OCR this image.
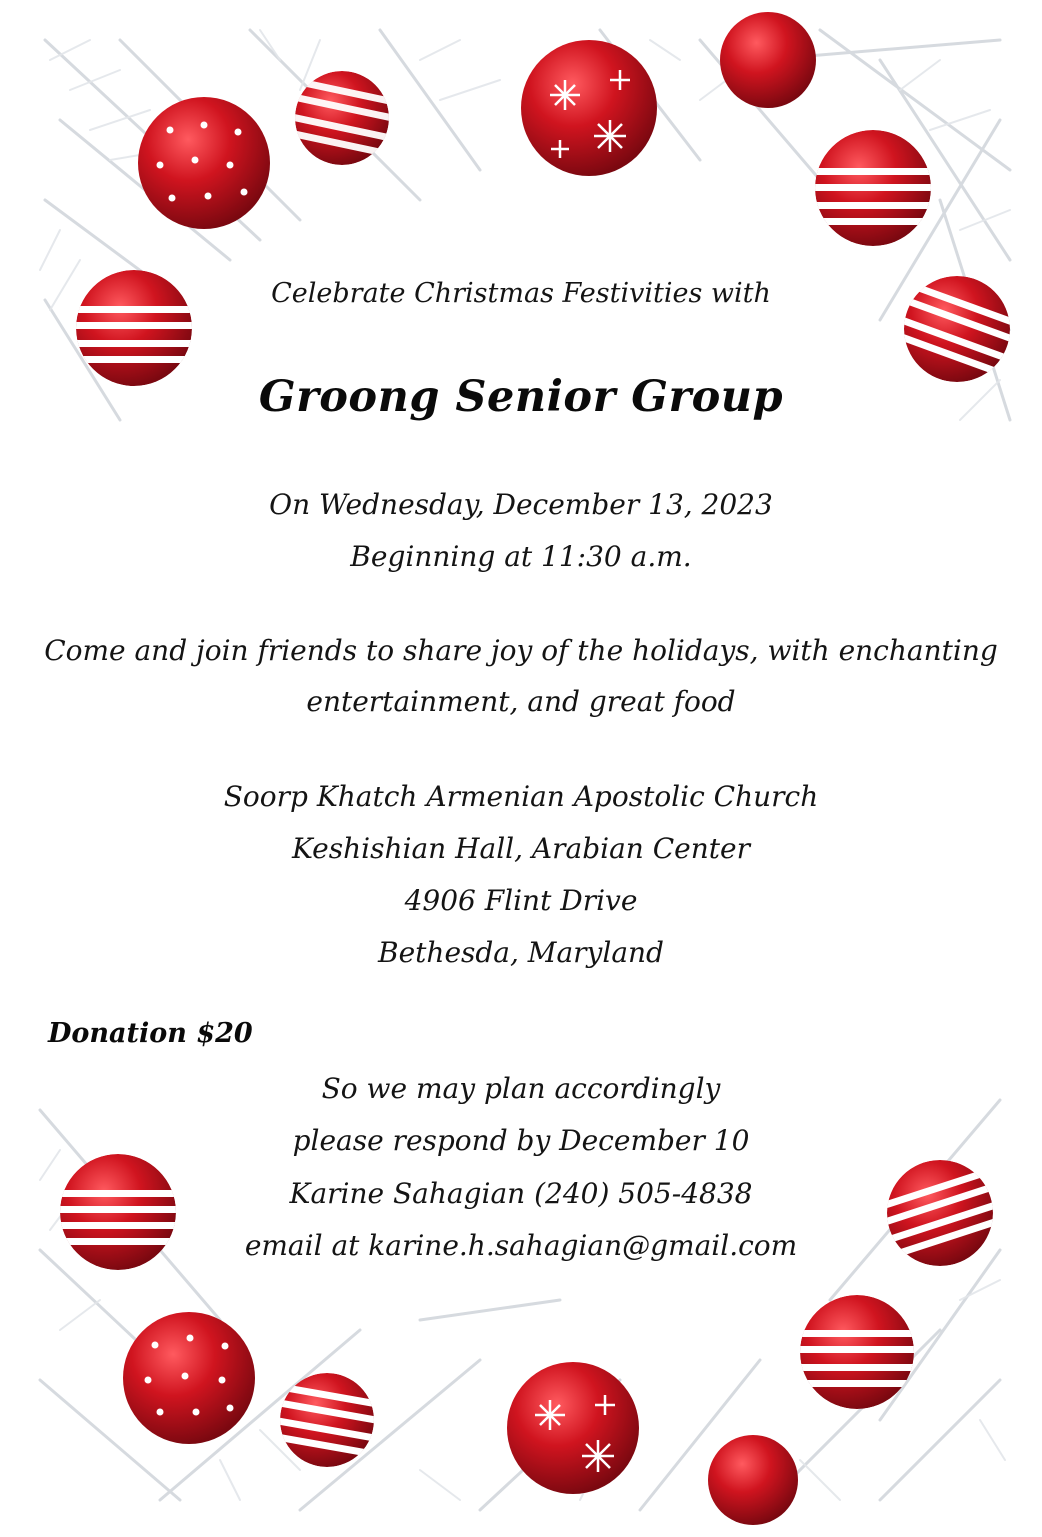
Celebrate Christmas Festivities with
Groong Senior Group
On Wednesday, December 13, 2023
Beginning at 11:30 a.m.
Come and join friends to share joy of the holidays, with enchanting
entertainment, and great food
Soorp Khatch Armenian Apostolic Church
Keshishian Hall, Arabian Center
4906 Flint Drive
Bethesda, Maryland
Donation $20
So we may plan accordingly
please respond by December 10
Karine Sahagian (240) 505-4838
email at karine.h.sahagian@gmail.com
